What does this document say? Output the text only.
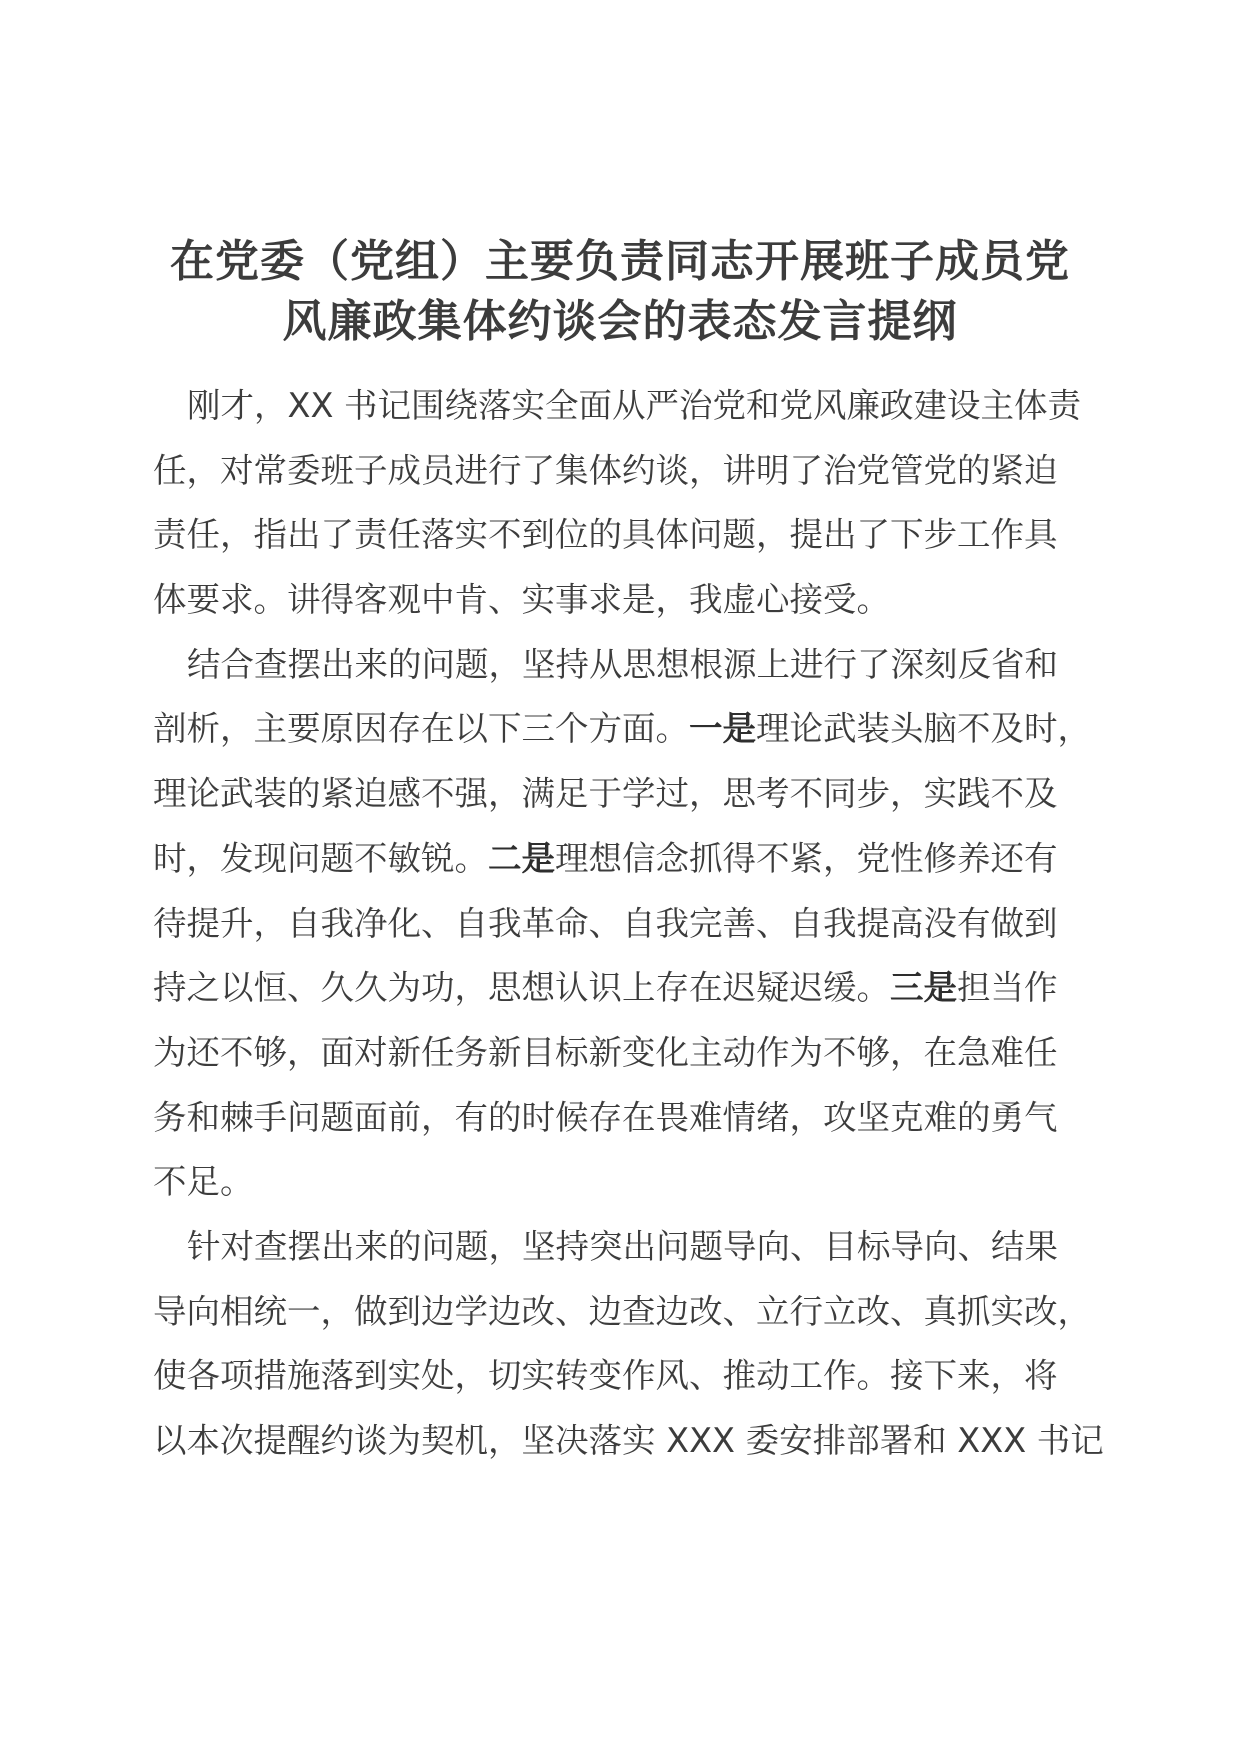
在党委（党组）主要负责同志开展班子成员党
风廉政集体约谈会的表态发言提纲
刚才，XX 书记围绕落实全面从严治党和党风廉政建设主体责
任，对常委班子成员进行了集体约谈，讲明了治党管党的紧迫
责任，指出了责任落实不到位的具体问题，提出了下步工作具
体要求。讲得客观中肯、实事求是，我虚心接受。
结合查摆出来的问题，坚持从思想根源上进行了深刻反省和
剖析，主要原因存在以下三个方面。一是理论武装头脑不及时，
理论武装的紧迫感不强，满足于学过，思考不同步，实践不及
时，发现问题不敏锐。二是理想信念抓得不紧，党性修养还有
待提升，自我净化、自我革命、自我完善、自我提高没有做到
持之以恒、久久为功，思想认识上存在迟疑迟缓。三是担当作
为还不够，面对新任务新目标新变化主动作为不够，在急难任
务和棘手问题面前，有的时候存在畏难情绪，攻坚克难的勇气
不足。
针对查摆出来的问题，坚持突出问题导向、目标导向、结果
导向相统一，做到边学边改、边查边改、立行立改、真抓实改，
使各项措施落到实处，切实转变作风、推动工作。接下来，将
以本次提醒约谈为契机，坚决落实 XXX 委安排部署和 XXX 书记
